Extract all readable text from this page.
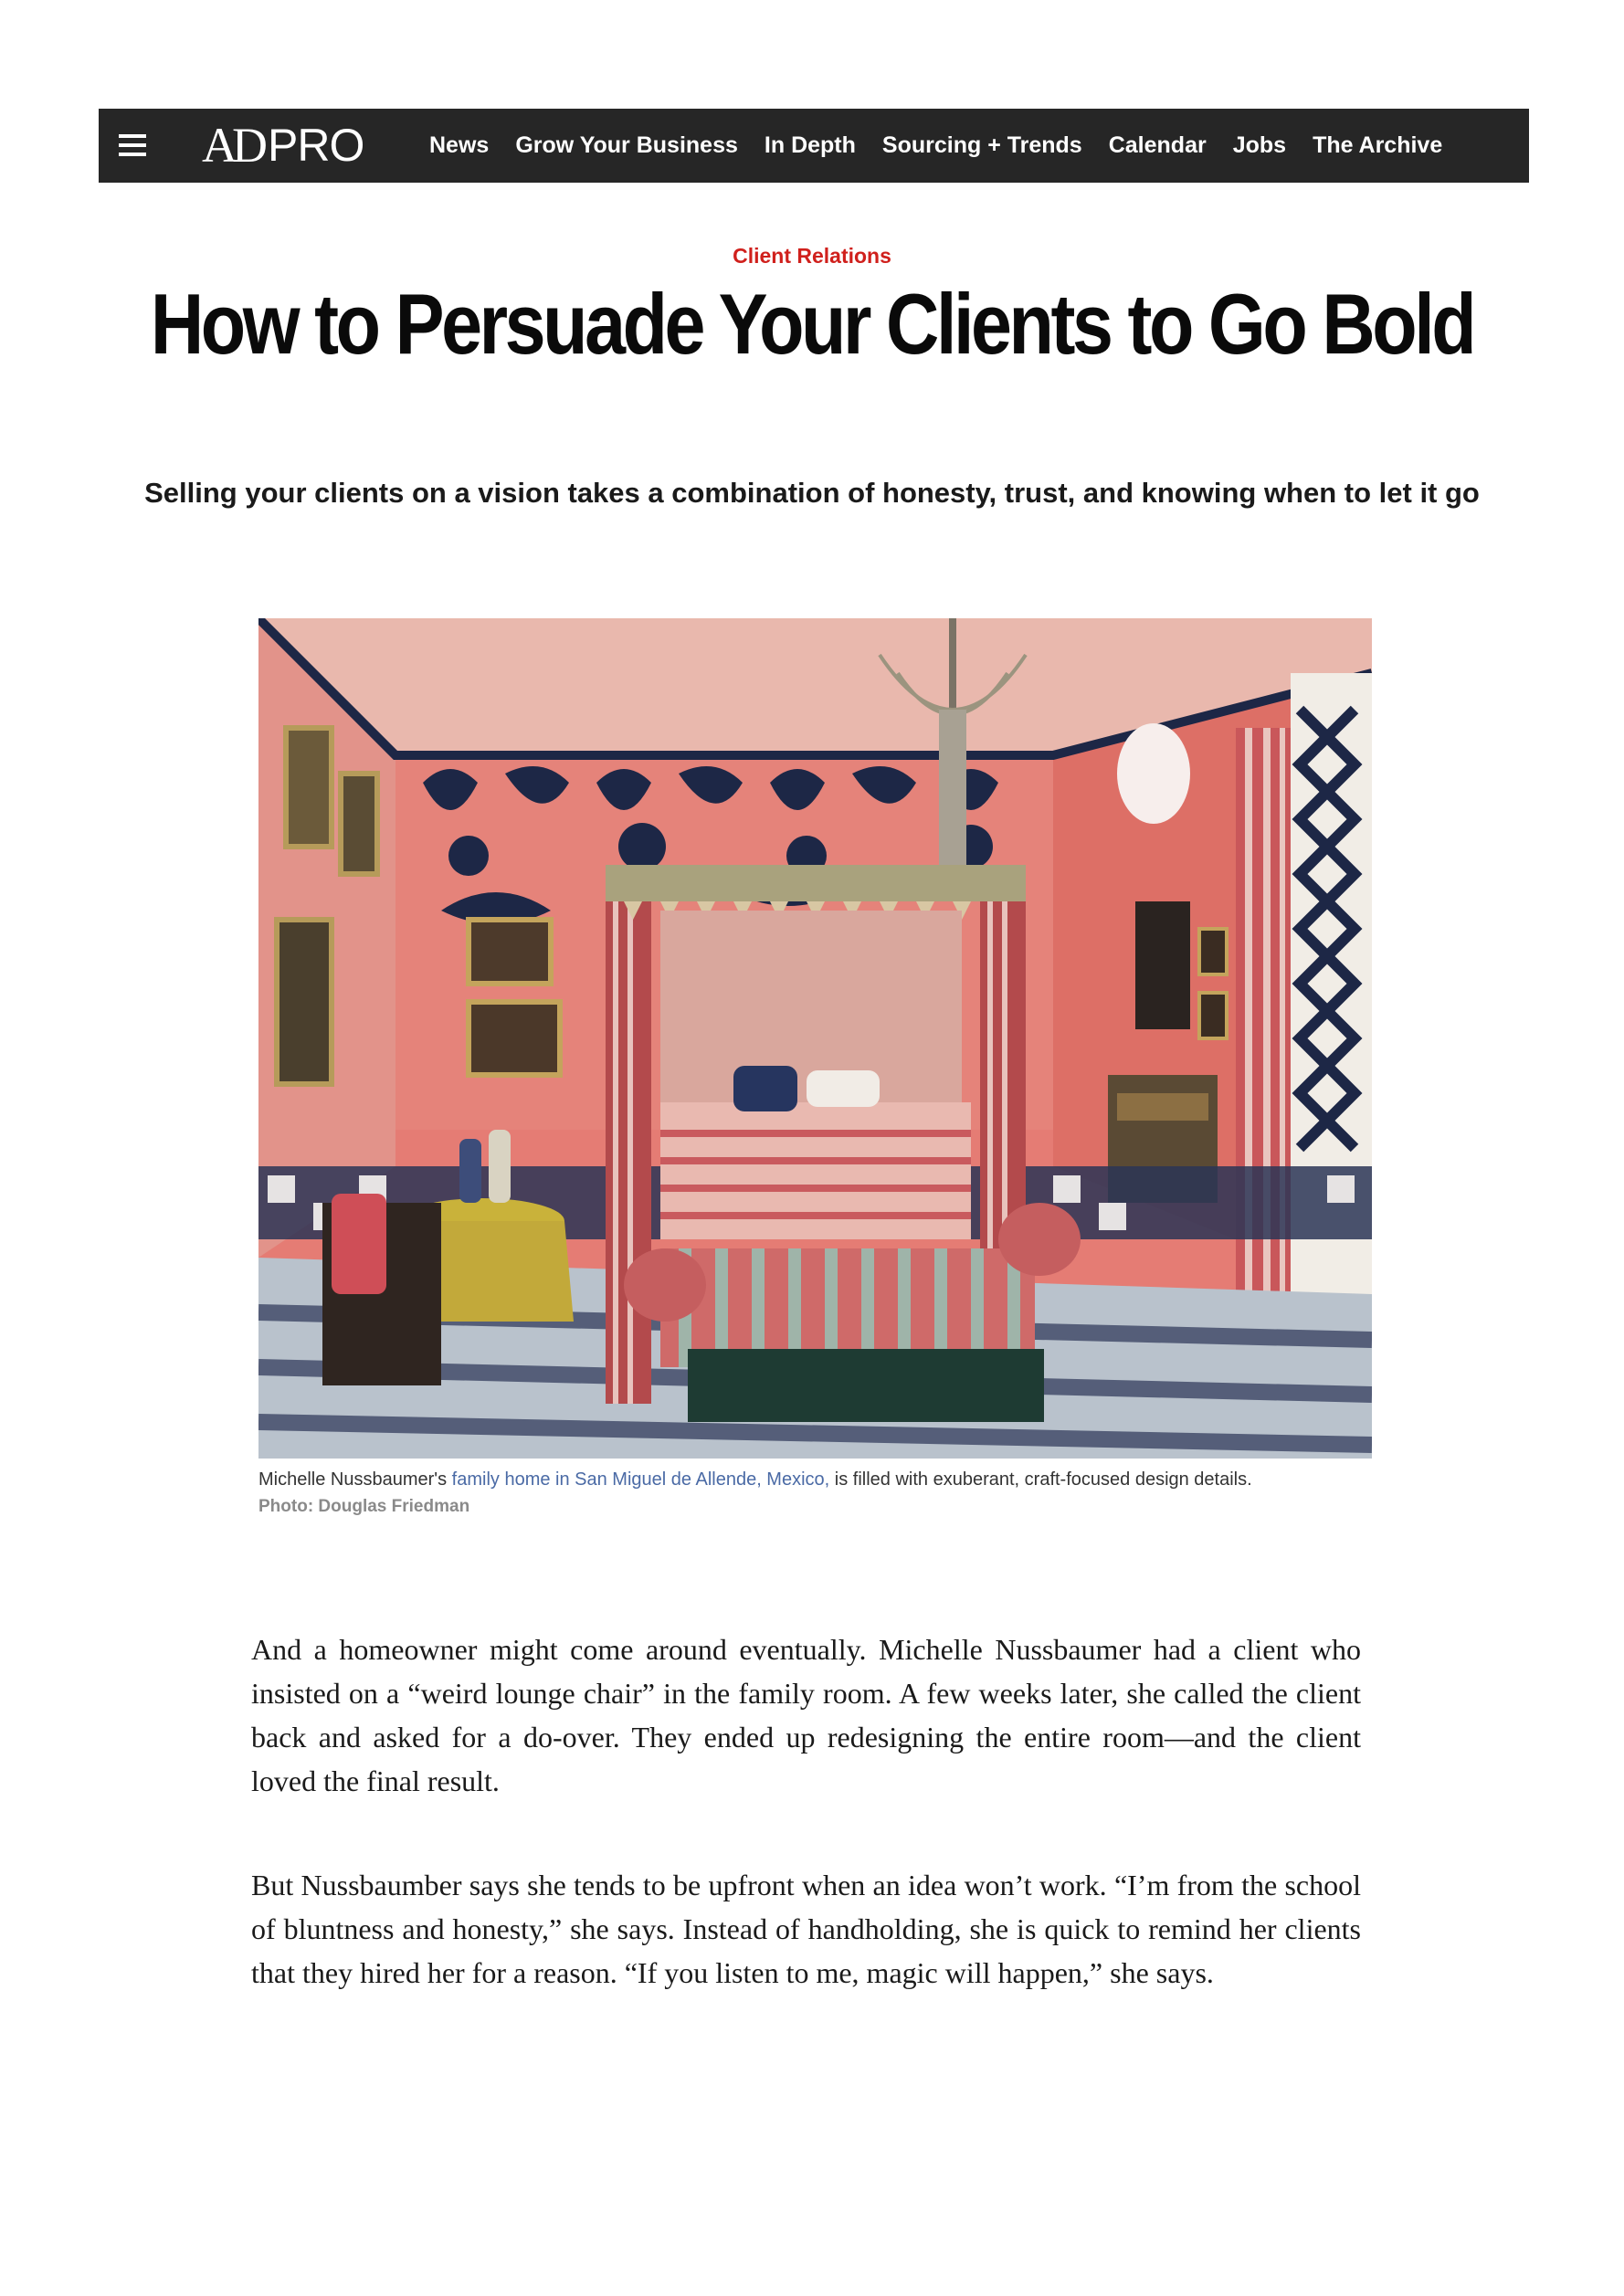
AD PRO	News Grow Your Business In Depth Sourcing + Trends Calendar Jobs The Archive
Client Relations
How to Persuade Your Clients to Go Bold
Selling your clients on a vision takes a combination of honesty, trust, and knowing when to let it go
Michelle Nussbaumer's family home in San Miguel de Allende, Mexico, is filled with exuberant, craft-focused design details.
Photo: Douglas Friedman

And a homeowner might come around eventually. Michelle Nussbaumer had a client who insisted on a “weird lounge chair” in the family room. A few weeks later, she called the client back and asked for a do-over. They ended up redesigning the entire room—and the client loved the final result.

But Nussbaumber says she tends to be upfront when an idea won’t work. “I’m from the school of bluntness and honesty,” she says. Instead of handholding, she is quick to remind her clients that they hired her for a reason. “If you listen to me, magic will happen,” she says.
